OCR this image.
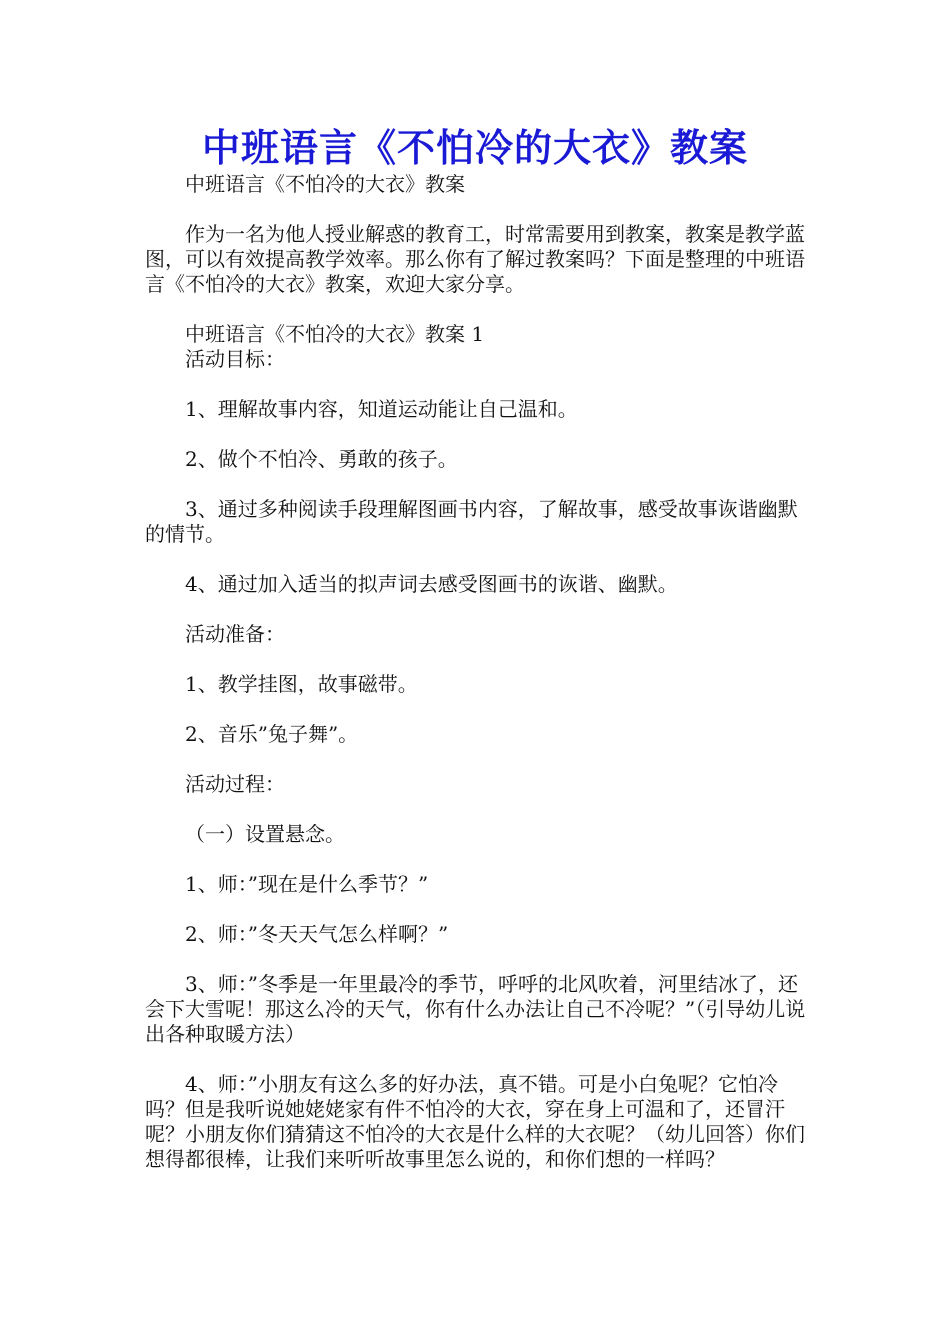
中班语言《不怕冷的大衣》教案

中班语言《不怕冷的大衣》教案

作为一名为他人授业解惑的教育工，时常需要用到教案，教案是教学蓝图，可以有效提高教学效率。那么你有了解过教案吗？下面是整理的中班语言《不怕冷的大衣》教案，欢迎大家分享。

中班语言《不怕冷的大衣》教案 1

活动目标：

1、理解故事内容，知道运动能让自己温和。

2、做个不怕冷、勇敢的孩子。

3、通过多种阅读手段理解图画书内容，了解故事，感受故事诙谐幽默的情节。

4、通过加入适当的拟声词去感受图画书的诙谐、幽默。

活动准备：

1、教学挂图，故事磁带。

2、音乐”兔子舞”。

活动过程：

（一）设置悬念。

1、师：”现在是什么季节？”

2、师：”冬天天气怎么样啊？”

3、师：”冬季是一年里最冷的季节，呼呼的北风吹着，河里结冰了，还会下大雪呢！那这么冷的天气，你有什么办法让自己不冷呢？”（引导幼儿说出各种取暖方法）

4、师：”小朋友有这么多的好办法，真不错。可是小白兔呢？它怕冷吗？但是我听说她姥姥家有件不怕冷的大衣，穿在身上可温和了，还冒汗呢？小朋友你们猜猜这不怕冷的大衣是什么样的大衣呢？（幼儿回答）你们想得都很棒，让我们来听听故事里怎么说的，和你们想的一样吗？
